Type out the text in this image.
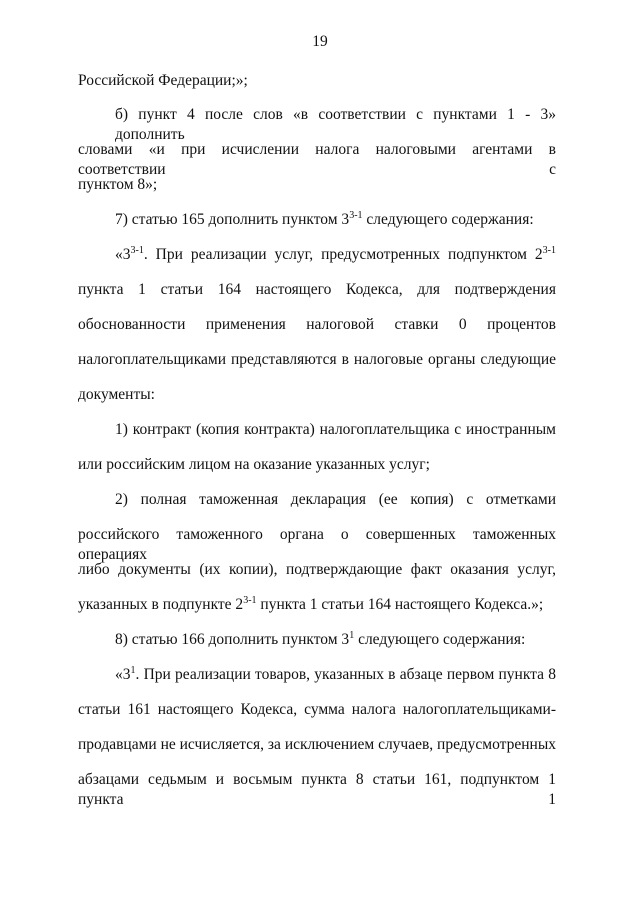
19
Российской Федерации;»;
б) пункт 4 после слов «в соответствии с пунктами 1 - 3» дополнить
словами «и при исчислении налога налоговыми агентами в соответствии с
пунктом 8»;
7) статью 165 дополнить пунктом 3$^{3-1}$ следующего содержания:
«3$^{3-1}$. При реализации услуг, предусмотренных подпунктом 2$^{3-1}$
пункта 1 статьи 164 настоящего Кодекса, для подтверждения
обоснованности применения налоговой ставки 0 процентов
налогоплательщиками представляются в налоговые органы следующие
документы:
1) контракт (копия контракта) налогоплательщика с иностранным
или российским лицом на оказание указанных услуг;
2) полная таможенная декларация (ее копия) с отметками
российского таможенного органа о совершенных таможенных операциях
либо документы (их копии), подтверждающие факт оказания услуг,
указанных в подпункте 2$^{3-1}$ пункта 1 статьи 164 настоящего Кодекса.»;
8) статью 166 дополнить пунктом $3^1$ следующего содержания:
«$3^1$. При реализации товаров, указанных в абзаце первом пункта 8
статьи 161 настоящего Кодекса, сумма налога налогоплательщиками-
продавцами не исчисляется, за исключением случаев, предусмотренных
абзацами седьмым и восьмым пункта 8 статьи 161, подпунктом 1 пункта 1
